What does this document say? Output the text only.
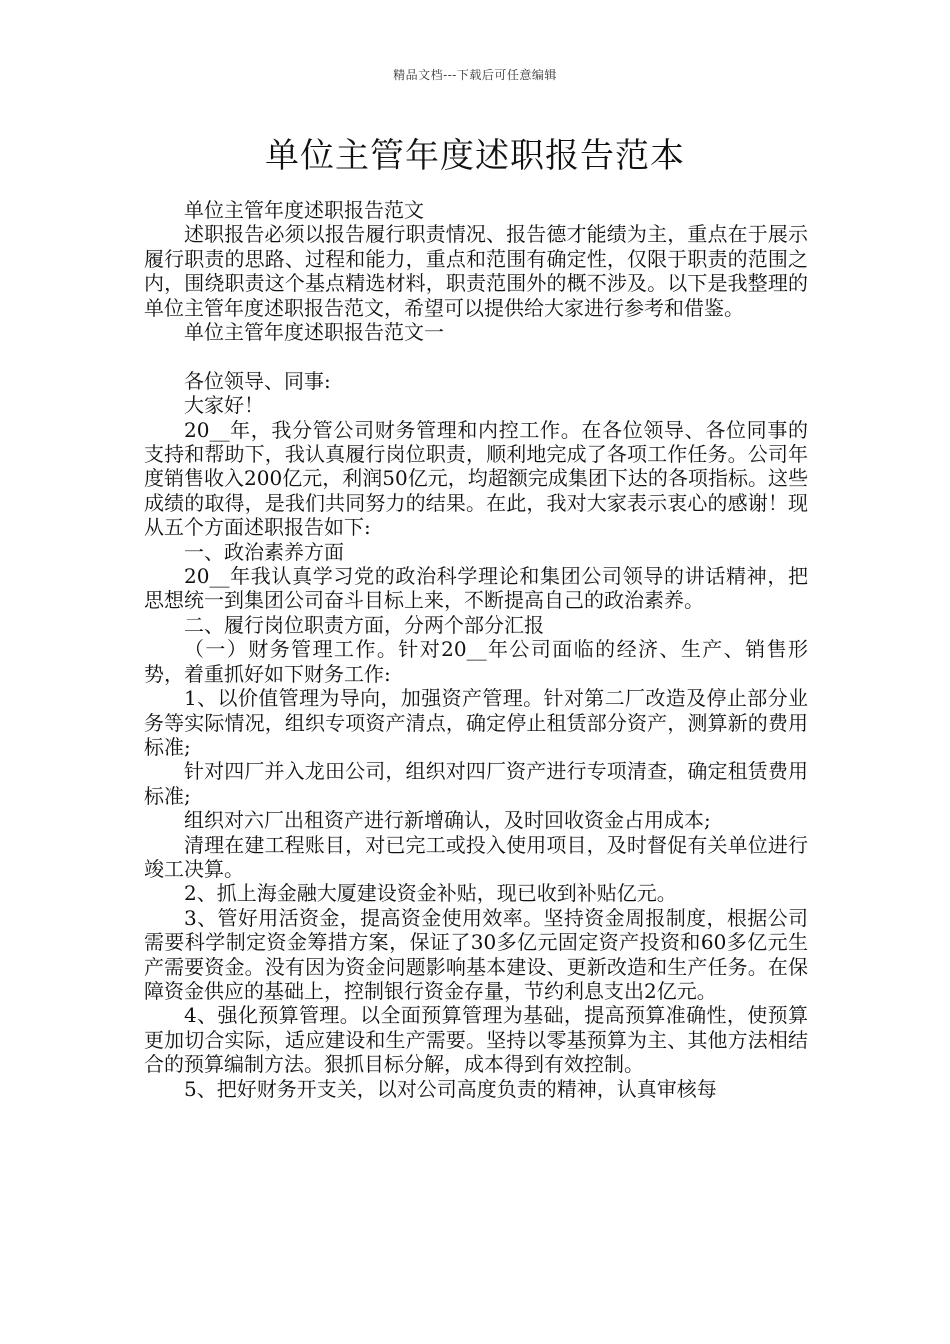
精品文档---下载后可任意编辑
单位主管年度述职报告范本

单位主管年度述职报告范文

述职报告必须以报告履行职责情况、报告德才能绩为主，重点在于展示履行职责的思路、过程和能力，重点和范围有确定性，仅限于职责的范围之内，围绕职责这个基点精选材料，职责范围外的概不涉及。以下是我整理的单位主管年度述职报告范文，希望可以提供给大家进行参考和借鉴。

单位主管年度述职报告范文一

各位领导、同事:

大家好！

20__年，我分管公司财务管理和内控工作。在各位领导、各位同事的支持和帮助下，我认真履行岗位职责，顺利地完成了各项工作任务。公司年度销售收入200亿元，利润50亿元，均超额完成集团下达的各项指标。这些成绩的取得，是我们共同努力的结果。在此，我对大家表示衷心的感谢！现从五个方面述职报告如下:

一、政治素养方面

20__年我认真学习党的政治科学理论和集团公司领导的讲话精神，把思想统一到集团公司奋斗目标上来，不断提高自己的政治素养。

二、履行岗位职责方面，分两个部分汇报

（一）财务管理工作。针对20__年公司面临的经济、生产、销售形势，着重抓好如下财务工作:

1、以价值管理为导向，加强资产管理。针对第二厂改造及停止部分业务等实际情况，组织专项资产清点，确定停止租赁部分资产，测算新的费用标准;

针对四厂并入龙田公司，组织对四厂资产进行专项清查，确定租赁费用标准;

组织对六厂出租资产进行新增确认，及时回收资金占用成本;

清理在建工程账目，对已完工或投入使用项目，及时督促有关单位进行竣工决算。

2、抓上海金融大厦建设资金补贴，现已收到补贴亿元。

3、管好用活资金，提高资金使用效率。坚持资金周报制度，根据公司需要科学制定资金筹措方案，保证了30多亿元固定资产投资和60多亿元生产需要资金。没有因为资金问题影响基本建设、更新改造和生产任务。在保障资金供应的基础上，控制银行资金存量，节约利息支出2亿元。

4、强化预算管理。以全面预算管理为基础，提高预算准确性，使预算更加切合实际，适应建设和生产需要。坚持以零基预算为主、其他方法相结合的预算编制方法。狠抓目标分解，成本得到有效控制。

5、把好财务开支关，以对公司高度负责的精神，认真审核每
